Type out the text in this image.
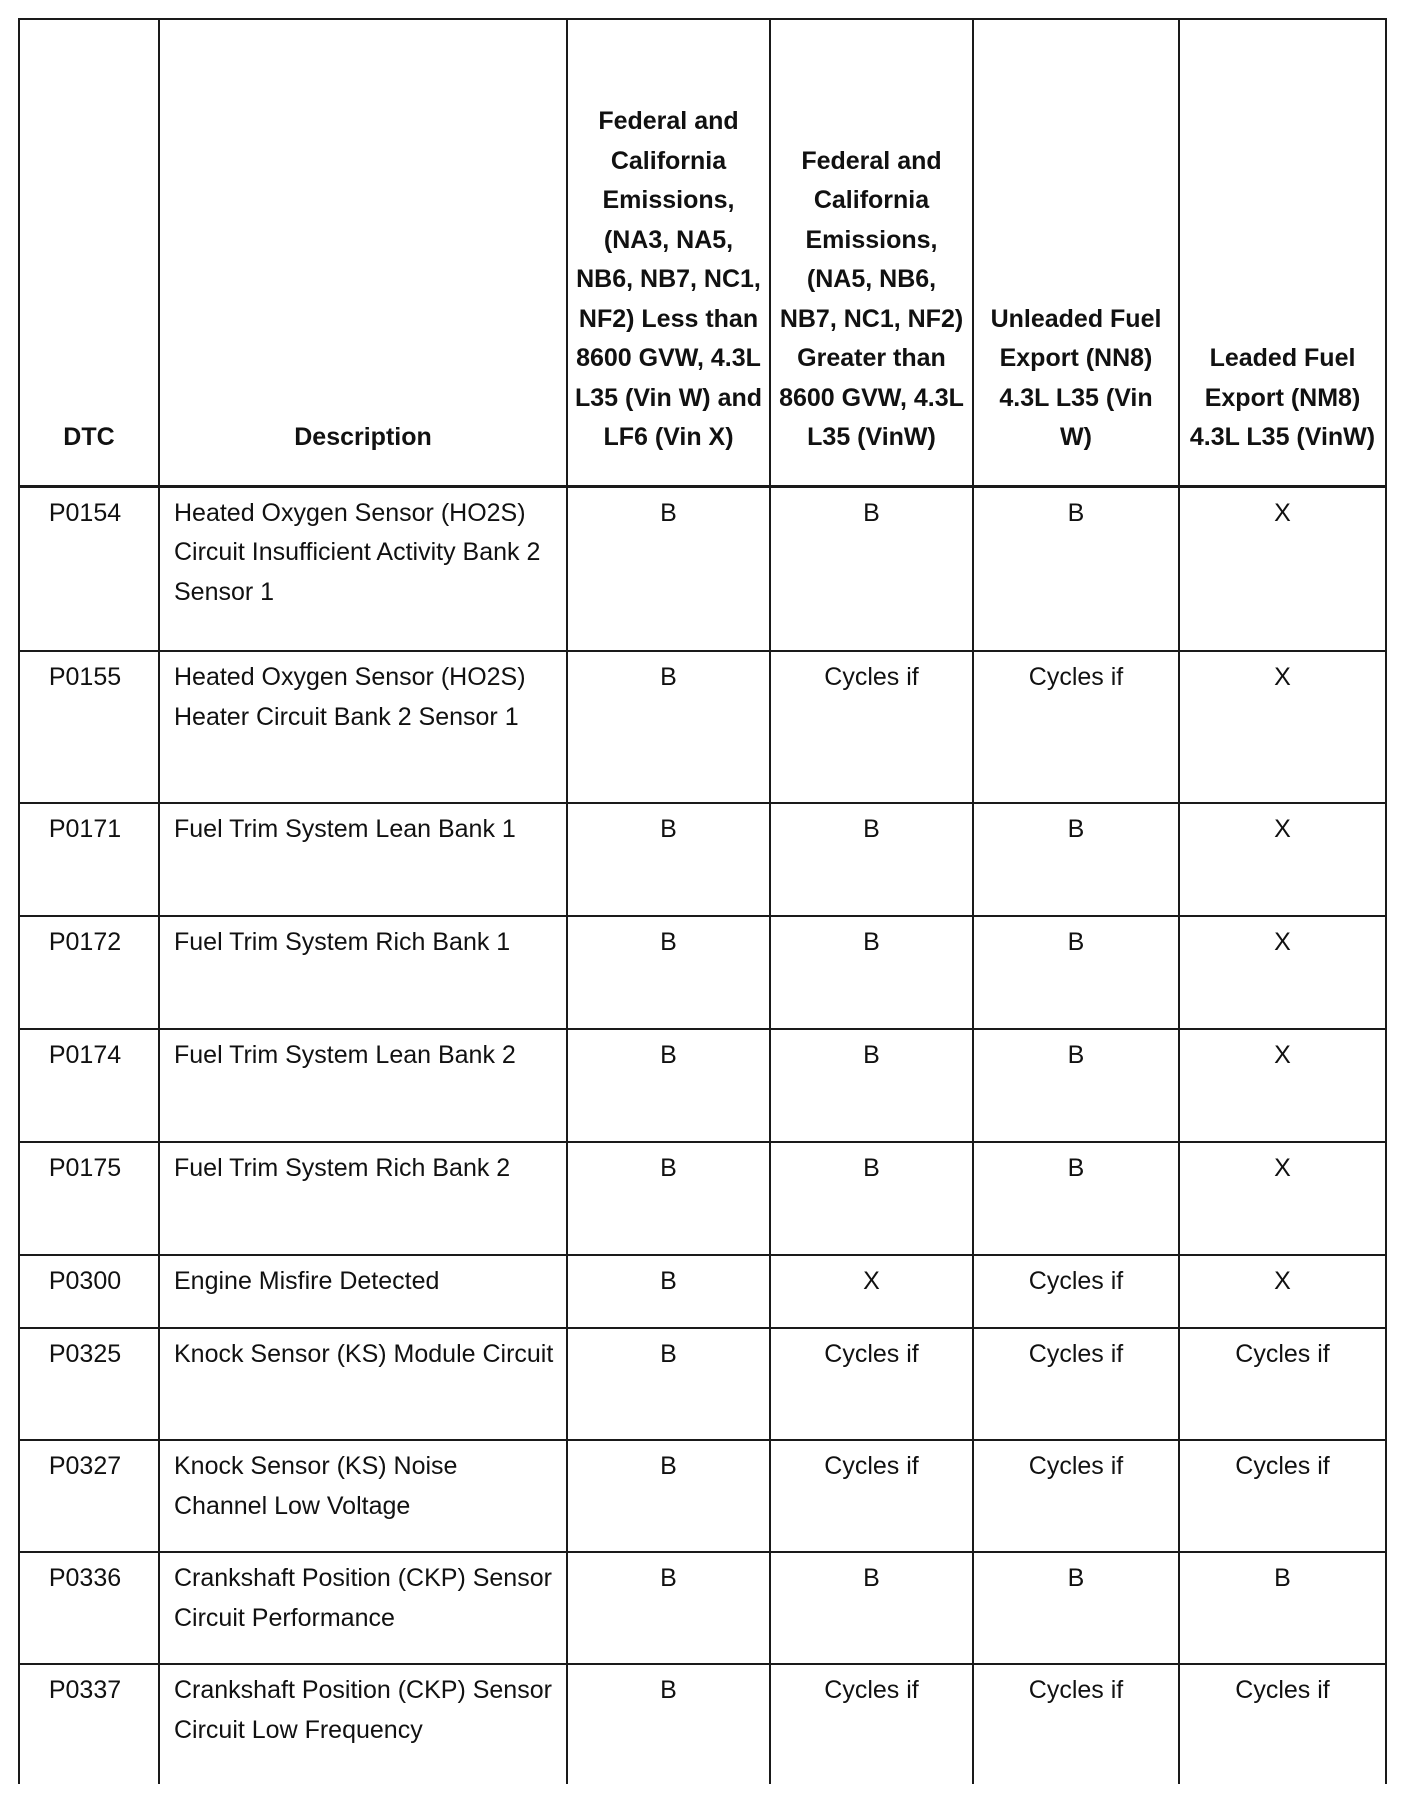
DTC	Description	Federal and California Emissions, (NA3, NA5, NB6, NB7, NC1, NF2) Less than 8600 GVW, 4.3L L35 (Vin W) and LF6 (Vin X)	Federal and California Emissions, (NA5, NB6, NB7, NC1, NF2) Greater than 8600 GVW, 4.3L L35 (VinW)	Unleaded Fuel Export (NN8) 4.3L L35 (Vin W)	Leaded Fuel Export (NM8) 4.3L L35 (VinW)
P0154	Heated Oxygen Sensor (HO2S) Circuit Insufficient Activity Bank 2 Sensor 1	B	B	B	X
P0155	Heated Oxygen Sensor (HO2S) Heater Circuit Bank 2 Sensor 1	B	Cycles if	Cycles if	X
P0171	Fuel Trim System Lean Bank 1	B	B	B	X
P0172	Fuel Trim System Rich Bank 1	B	B	B	X
P0174	Fuel Trim System Lean Bank 2	B	B	B	X
P0175	Fuel Trim System Rich Bank 2	B	B	B	X
P0300	Engine Misfire Detected	B	X	Cycles if	X
P0325	Knock Sensor (KS) Module Circuit	B	Cycles if	Cycles if	Cycles if
P0327	Knock Sensor (KS) Noise Channel Low Voltage	B	Cycles if	Cycles if	Cycles if
P0336	Crankshaft Position (CKP) Sensor Circuit Performance	B	B	B	B
P0337	Crankshaft Position (CKP) Sensor Circuit Low Frequency	B	Cycles if	Cycles if	Cycles if
